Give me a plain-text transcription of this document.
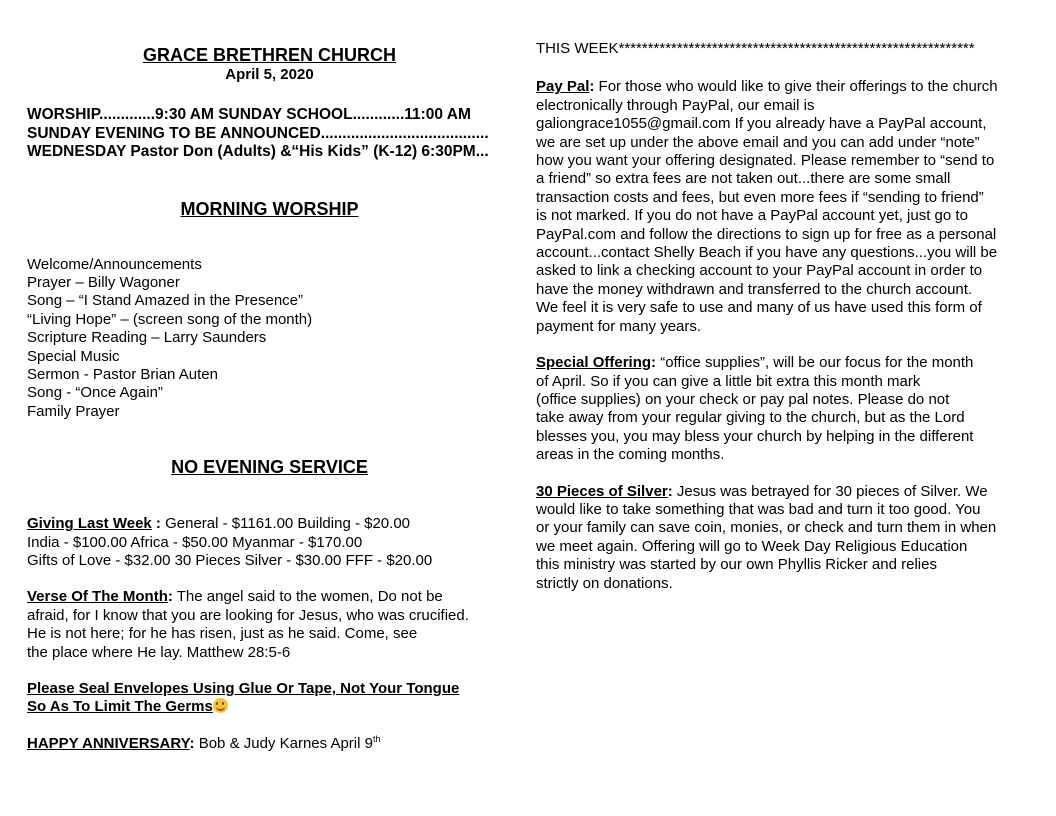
GRACE BRETHREN CHURCH
April 5, 2020
WORSHIP.............9:30 AM SUNDAY SCHOOL............11:00 AM
SUNDAY EVENING TO BE ANNOUNCED.......................................
WEDNESDAY Pastor Don (Adults) &“His Kids” (K-12) 6:30PM...
MORNING WORSHIP
Welcome/Announcements
Prayer – Billy Wagoner
Song – “I Stand Amazed in the Presence”
“Living Hope” – (screen song of the month)
Scripture Reading – Larry Saunders
Special Music
Sermon - Pastor Brian Auten
Song - “Once Again”
Family Prayer
NO EVENING SERVICE
Giving Last Week : General - $1161.00 Building - $20.00
India - $100.00 Africa - $50.00 Myanmar - $170.00
Gifts of Love - $32.00 30 Pieces Silver - $30.00 FFF - $20.00
Verse Of The Month: The angel said to the women, Do not be
afraid, for I know that you are looking for Jesus, who was crucified.
He is not here; for he has risen, just as he said. Come, see
the place where He lay. Matthew 28:5-6
Please Seal Envelopes Using Glue Or Tape, Not Your Tongue
So As To Limit The Germs
HAPPY ANNIVERSARY: Bob & Judy Karnes April 9th
THIS WEEK*************************************************************
Pay Pal: For those who would like to give their offerings to the church
electronically through PayPal, our email is
galiongrace1055@gmail.com If you already have a PayPal account,
we are set up under the above email and you can add under “note”
how you want your offering designated. Please remember to “send to
a friend” so extra fees are not taken out...there are some small
transaction costs and fees, but even more fees if “sending to friend”
is not marked. If you do not have a PayPal account yet, just go to
PayPal.com and follow the directions to sign up for free as a personal
account...contact Shelly Beach if you have any questions...you will be
asked to link a checking account to your PayPal account in order to
have the money withdrawn and transferred to the church account.
We feel it is very safe to use and many of us have used this form of
payment for many years.
Special Offering: “office supplies”, will be our focus for the month
of April. So if you can give a little bit extra this month mark
(office supplies) on your check or pay pal notes. Please do not
take away from your regular giving to the church, but as the Lord
blesses you, you may bless your church by helping in the different
areas in the coming months.
30 Pieces of Silver: Jesus was betrayed for 30 pieces of Silver. We
would like to take something that was bad and turn it too good. You
or your family can save coin, monies, or check and turn them in when
we meet again. Offering will go to Week Day Religious Education
this ministry was started by our own Phyllis Ricker and relies
strictly on donations.
